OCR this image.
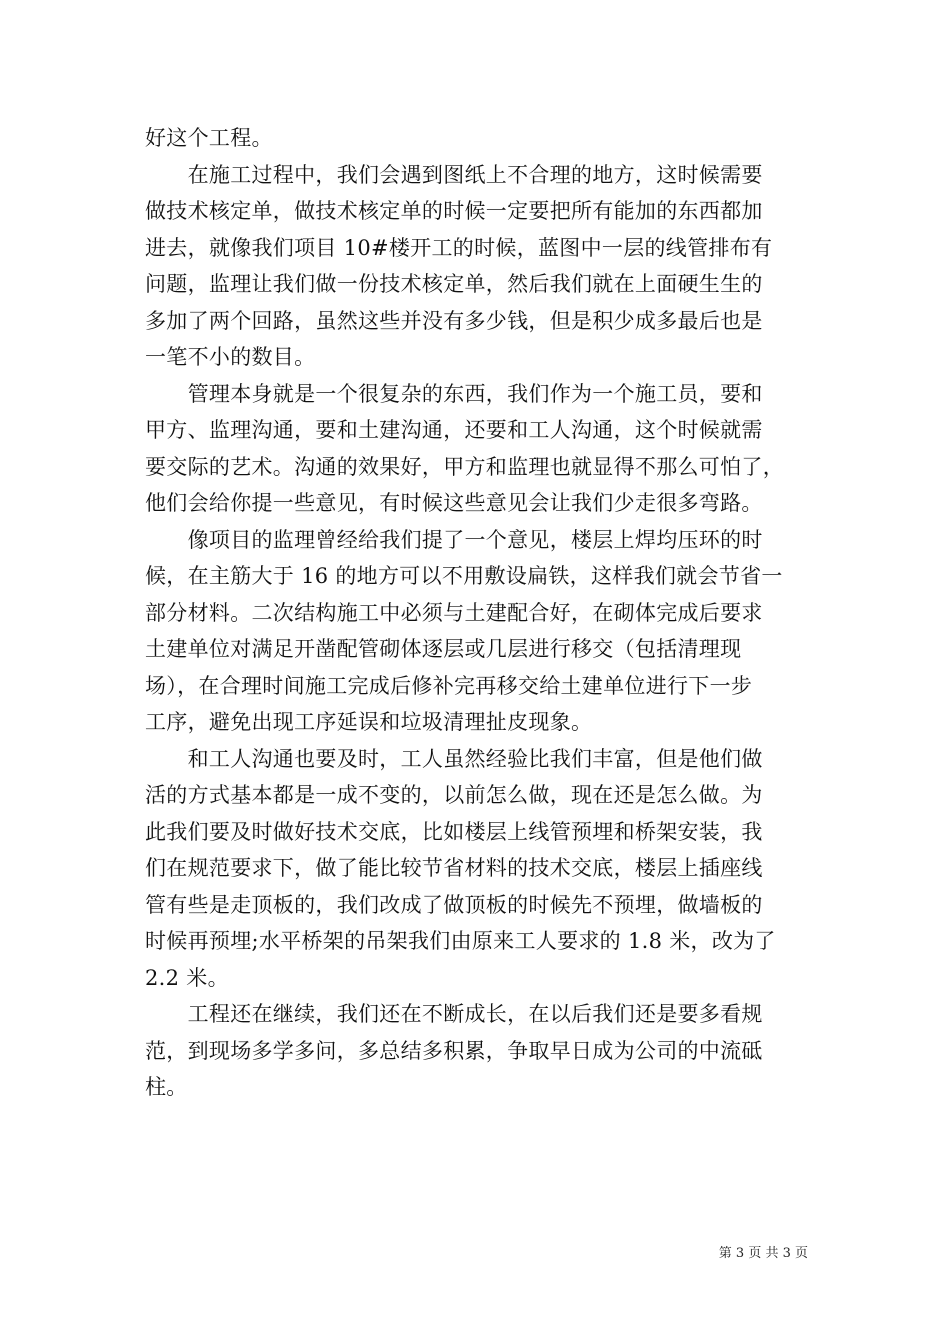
好这个工程。
　　在施工过程中，我们会遇到图纸上不合理的地方，这时候需要
做技术核定单，做技术核定单的时候一定要把所有能加的东西都加
进去，就像我们项目 10#楼开工的时候，蓝图中一层的线管排布有
问题，监理让我们做一份技术核定单，然后我们就在上面硬生生的
多加了两个回路，虽然这些并没有多少钱，但是积少成多最后也是
一笔不小的数目。
　　管理本身就是一个很复杂的东西，我们作为一个施工员，要和
甲方、监理沟通，要和土建沟通，还要和工人沟通，这个时候就需
要交际的艺术。沟通的效果好，甲方和监理也就显得不那么可怕了，
他们会给你提一些意见，有时候这些意见会让我们少走很多弯路。
　　像项目的监理曾经给我们提了一个意见，楼层上焊均压环的时
候，在主筋大于 16 的地方可以不用敷设扁铁，这样我们就会节省一
部分材料。二次结构施工中必须与土建配合好，在砌体完成后要求
土建单位对满足开凿配管砌体逐层或几层进行移交（包括清理现
场），在合理时间施工完成后修补完再移交给土建单位进行下一步
工序，避免出现工序延误和垃圾清理扯皮现象。
　　和工人沟通也要及时，工人虽然经验比我们丰富，但是他们做
活的方式基本都是一成不变的，以前怎么做，现在还是怎么做。为
此我们要及时做好技术交底，比如楼层上线管预埋和桥架安装，我
们在规范要求下，做了能比较节省材料的技术交底，楼层上插座线
管有些是走顶板的，我们改成了做顶板的时候先不预埋，做墙板的
时候再预埋;水平桥架的吊架我们由原来工人要求的 1.8 米，改为了
2.2 米。
　　工程还在继续，我们还在不断成长，在以后我们还是要多看规
范，到现场多学多问，多总结多积累，争取早日成为公司的中流砥
柱。
第 3 页 共 3 页
